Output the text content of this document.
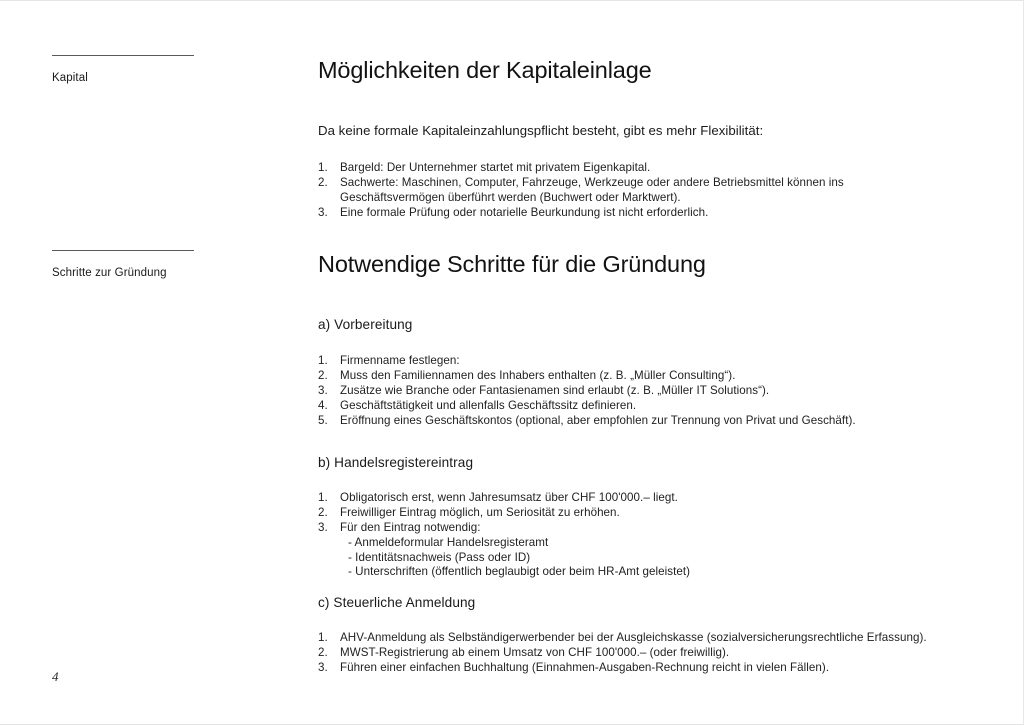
Kapital
Schritte zur Gründung
4
Möglichkeiten der Kapitaleinlage

Da keine formale Kapitaleinzahlungspflicht besteht, gibt es mehr Flexibilität:

1.	Bargeld: Der Unternehmer startet mit privatem Eigenkapital.
2.	Sachwerte: Maschinen, Computer, Fahrzeuge, Werkzeuge oder andere Betriebsmittel können ins Geschäftsvermögen überführt werden (Buchwert oder Marktwert).
3.	Eine formale Prüfung oder notarielle Beurkundung ist nicht erforderlich.
Notwendige Schritte für die Gründung
a) Vorbereitung
1.	Firmenname festlegen:
2.	Muss den Familiennamen des Inhabers enthalten (z. B. „Müller Consulting“).
3.	Zusätze wie Branche oder Fantasienamen sind erlaubt (z. B. „Müller IT Solutions“).
4.	Geschäftstätigkeit und allenfalls Geschäftssitz definieren.
5.	Eröffnung eines Geschäftskontos (optional, aber empfohlen zur Trennung von Privat und Geschäft).
b) Handelsregistereintrag
1.	Obligatorisch erst, wenn Jahresumsatz über CHF 100'000.– liegt.
2.	Freiwilliger Eintrag möglich, um Seriosität zu erhöhen.
3.	Für den Eintrag notwendig:
- Anmeldeformular Handelsregisteramt
- Identitätsnachweis (Pass oder ID)
- Unterschriften (öffentlich beglaubigt oder beim HR-Amt geleistet)
c) Steuerliche Anmeldung
1.	AHV-Anmeldung als Selbständigerwerbender bei der Ausgleichskasse (sozialversicherungsrechtliche Erfassung).
2.	MWST-Registrierung ab einem Umsatz von CHF 100'000.– (oder freiwillig).
3.	Führen einer einfachen Buchhaltung (Einnahmen-Ausgaben-Rechnung reicht in vielen Fällen).
